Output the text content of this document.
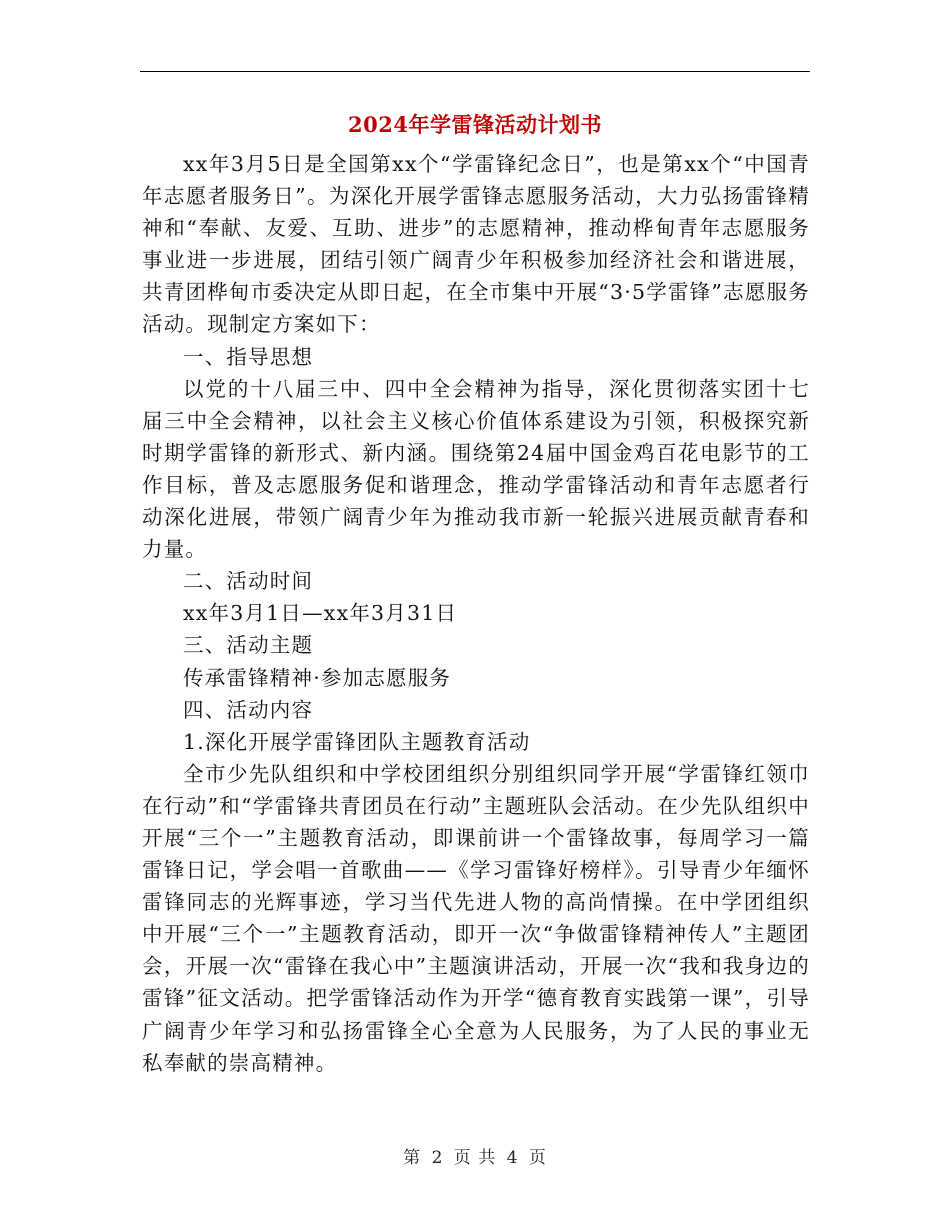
2024年学雷锋活动计划书

xx年3月5日是全国第xx个“学雷锋纪念日”，也是第xx个“中国青年志愿者服务日”。为深化开展学雷锋志愿服务活动，大力弘扬雷锋精神和“奉献、友爱、互助、进步”的志愿精神，推动桦甸青年志愿服务事业进一步进展，团结引领广阔青少年积极参加经济社会和谐进展，共青团桦甸市委决定从即日起，在全市集中开展“3·5学雷锋”志愿服务活动。现制定方案如下：

一、指导思想

以党的十八届三中、四中全会精神为指导，深化贯彻落实团十七届三中全会精神，以社会主义核心价值体系建设为引领，积极探究新时期学雷锋的新形式、新内涵。围绕第24届中国金鸡百花电影节的工作目标，普及志愿服务促和谐理念，推动学雷锋活动和青年志愿者行动深化进展，带领广阔青少年为推动我市新一轮振兴进展贡献青春和力量。

二、活动时间

xx年3月1日—xx年3月31日

三、活动主题

传承雷锋精神·参加志愿服务

四、活动内容

1.深化开展学雷锋团队主题教育活动

全市少先队组织和中学校团组织分别组织同学开展“学雷锋红领巾在行动”和“学雷锋共青团员在行动”主题班队会活动。在少先队组织中开展“三个一”主题教育活动，即课前讲一个雷锋故事，每周学习一篇雷锋日记，学会唱一首歌曲——《学习雷锋好榜样》。引导青少年缅怀雷锋同志的光辉事迹，学习当代先进人物的高尚情操。在中学团组织中开展“三个一”主题教育活动，即开一次“争做雷锋精神传人”主题团会，开展一次“雷锋在我心中”主题演讲活动，开展一次“我和我身边的雷锋”征文活动。把学雷锋活动作为开学“德育教育实践第一课”，引导广阔青少年学习和弘扬雷锋全心全意为人民服务，为了人民的事业无私奉献的崇高精神。

第 2 页 共 4 页
